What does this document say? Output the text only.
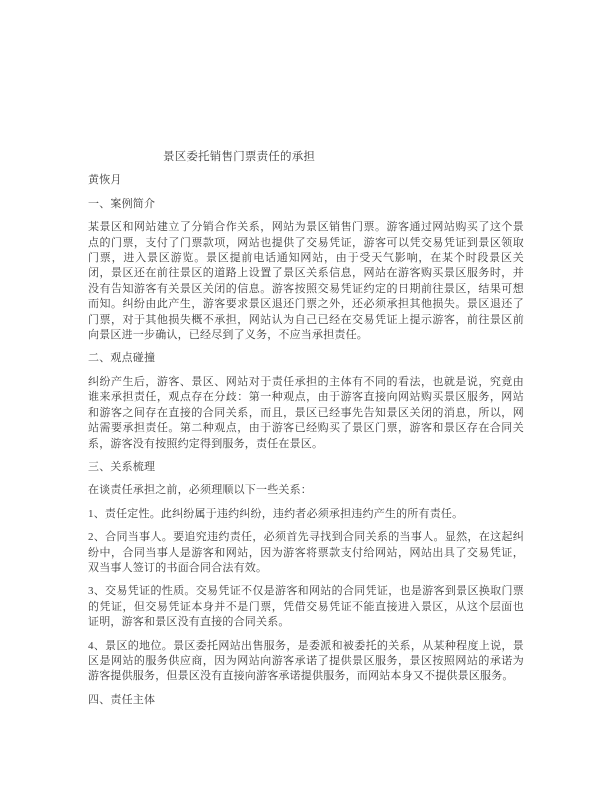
景区委托销售门票责任的承担
黄恢月
一、案例简介
某景区和网站建立了分销合作关系，网站为景区销售门票。游客通过网站购买了这个景点的门票，支付了门票款项，网站也提供了交易凭证，游客可以凭交易凭证到景区领取门票，进入景区游览。景区提前电话通知网站，由于受天气影响，在某个时段景区关闭，景区还在前往景区的道路上设置了景区关系信息，网站在游客购买景区服务时，并没有告知游客有关景区关闭的信息。游客按照交易凭证约定的日期前往景区，结果可想而知。纠纷由此产生，游客要求景区退还门票之外，还必须承担其他损失。景区退还了门票，对于其他损失概不承担，网站认为自己已经在交易凭证上提示游客，前往景区前向景区进一步确认，已经尽到了义务，不应当承担责任。
二、观点碰撞
纠纷产生后，游客、景区、网站对于责任承担的主体有不同的看法，也就是说，究竟由谁来承担责任，观点存在分歧：第一种观点，由于游客直接向网站购买景区服务，网站和游客之间存在直接的合同关系，而且，景区已经事先告知景区关闭的消息，所以，网站需要承担责任。第二种观点，由于游客已经购买了景区门票，游客和景区存在合同关系，游客没有按照约定得到服务，责任在景区。
三、关系梳理
在谈责任承担之前，必须理顺以下一些关系：
1、责任定性。此纠纷属于违约纠纷，违约者必须承担违约产生的所有责任。
2、合同当事人。要追究违约责任，必须首先寻找到合同关系的当事人。显然，在这起纠纷中，合同当事人是游客和网站，因为游客将票款支付给网站，网站出具了交易凭证，双当事人签订的书面合同合法有效。
3、交易凭证的性质。交易凭证不仅是游客和网站的合同凭证，也是游客到景区换取门票的凭证，但交易凭证本身并不是门票，凭借交易凭证不能直接进入景区，从这个层面也证明，游客和景区没有直接的合同关系。
4、景区的地位。景区委托网站出售服务，是委派和被委托的关系，从某种程度上说，景区是网站的服务供应商，因为网站向游客承诺了提供景区服务，景区按照网站的承诺为游客提供服务，但景区没有直接向游客承诺提供服务，而网站本身又不提供景区服务。
四、责任主体
